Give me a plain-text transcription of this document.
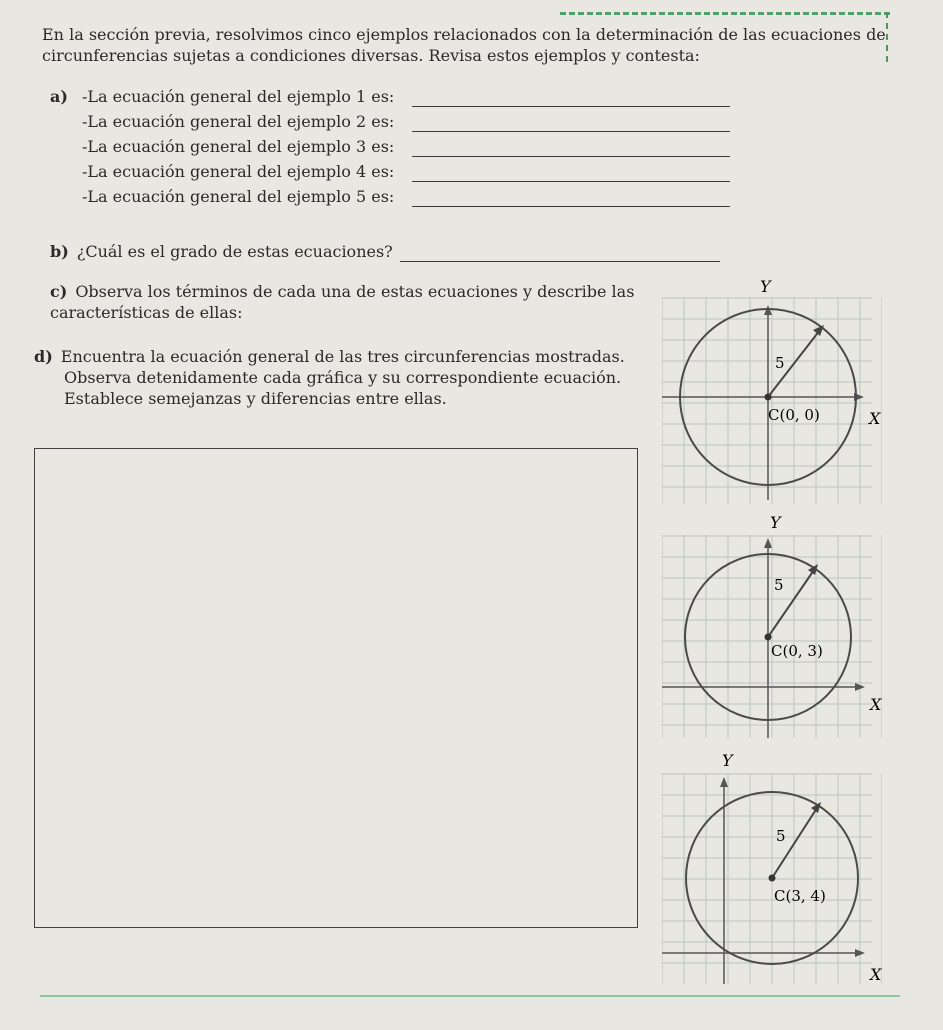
En la sección previa, resolvimos cinco ejemplos relacionados con la determinación de las ecuaciones de circunferencias sujetas a condiciones diversas. Revisa estos ejemplos y contesta:
a) -La ecuación general del ejemplo 1 es:
-La ecuación general del ejemplo 2 es:
-La ecuación general del ejemplo 3 es:
-La ecuación general del ejemplo 4 es:
-La ecuación general del ejemplo 5 es:
b) ¿Cuál es el grado de estas ecuaciones?
c) Observa los términos de cada una de estas ecuaciones y describe las características de ellas:
d) Encuentra la ecuación general de las tres circunferencias mostradas.
Observa detenidamente cada gráfica y su correspondiente ecuación.
Establece semejanzas y diferencias entre ellas.
Y
5
C(0, 0)	X
Y
5
C(0, 3)
X
Y
5
C(3, 4)
X
